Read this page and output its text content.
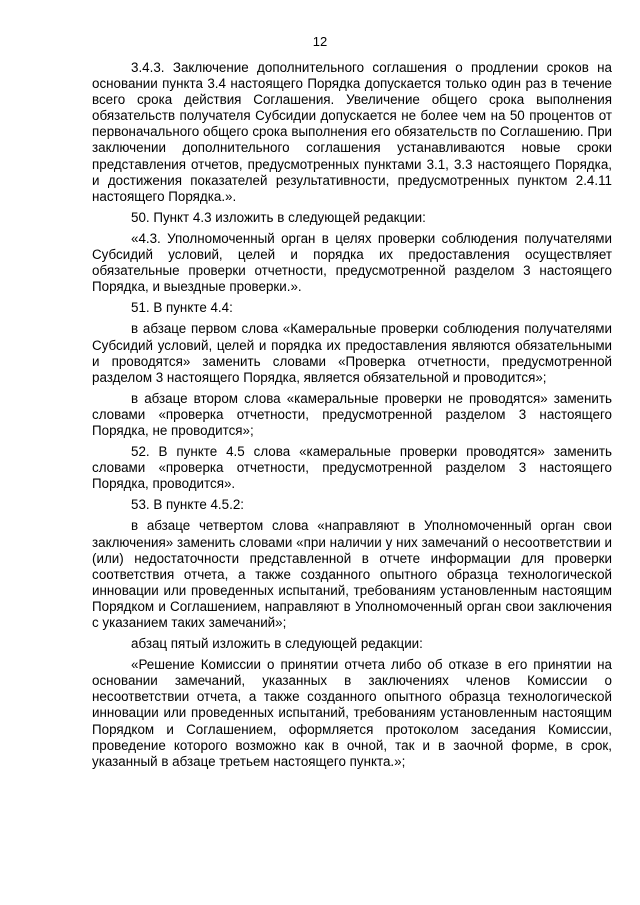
12

3.4.3. Заключение дополнительного соглашения о продлении сроков на основании пункта 3.4 настоящего Порядка допускается только один раз в течение всего срока действия Соглашения. Увеличение общего срока выполнения обязательств получателя Субсидии допускается не более чем на 50 процентов от первоначального общего срока выполнения его обязательств по Соглашению. При заключении дополнительного соглашения устанавливаются новые сроки представления отчетов, предусмотренных пунктами 3.1, 3.3 настоящего Порядка, и достижения показателей результативности, предусмотренных пунктом 2.4.11 настоящего Порядка.».

50. Пункт 4.3 изложить в следующей редакции:

«4.3. Уполномоченный орган в целях проверки соблюдения получателями Субсидий условий, целей и порядка их предоставления осуществляет обязательные проверки отчетности, предусмотренной разделом 3 настоящего Порядка, и выездные проверки.».

51. В пункте 4.4:

в абзаце первом слова «Камеральные проверки соблюдения получателями Субсидий условий, целей и порядка их предоставления являются обязательными и проводятся» заменить словами «Проверка отчетности, предусмотренной разделом 3 настоящего Порядка, является обязательной и проводится»;

в абзаце втором слова «камеральные проверки не проводятся» заменить словами «проверка отчетности, предусмотренной разделом 3 настоящего Порядка, не проводится»;

52. В пункте 4.5 слова «камеральные проверки проводятся» заменить словами «проверка отчетности, предусмотренной разделом 3 настоящего Порядка, проводится».

53. В пункте 4.5.2:

в абзаце четвертом слова «направляют в Уполномоченный орган свои заключения» заменить словами «при наличии у них замечаний о несоответствии и (или) недостаточности представленной в отчете информации для проверки соответствия отчета, а также созданного опытного образца технологической инновации или проведенных испытаний, требованиям установленным настоящим Порядком и Соглашением, направляют в Уполномоченный орган свои заключения с указанием таких замечаний»;

абзац пятый изложить в следующей редакции:

«Решение Комиссии о принятии отчета либо об отказе в его принятии на основании замечаний, указанных в заключениях членов Комиссии о несоответствии отчета, а также созданного опытного образца технологической инновации или проведенных испытаний, требованиям установленным настоящим Порядком и Соглашением, оформляется протоколом заседания Комиссии, проведение которого возможно как в очной, так и в заочной форме, в срок, указанный в абзаце третьем настоящего пункта.»;
